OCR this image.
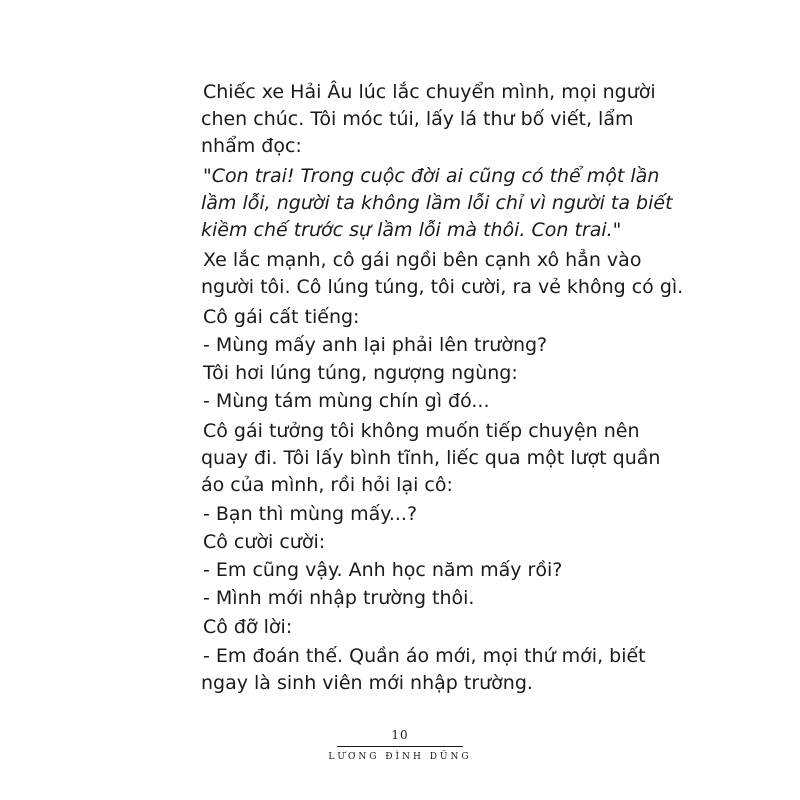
Chiếc xe Hải Âu lúc lắc chuyển mình, mọi người
chen chúc. Tôi móc túi, lấy lá thư bố viết, lẩm
nhẩm đọc:
"Con trai! Trong cuộc đời ai cũng có thể một lần
lầm lỗi, người ta không lầm lỗi chỉ vì người ta biết
kiềm chế trước sự lầm lỗi mà thôi. Con trai."
Xe lắc mạnh, cô gái ngồi bên cạnh xô hẳn vào
người tôi. Cô lúng túng, tôi cười, ra vẻ không có gì.
Cô gái cất tiếng:
- Mùng mấy anh lại phải lên trường?
Tôi hơi lúng túng, ngượng ngùng:
- Mùng tám mùng chín gì đó...
Cô gái tưởng tôi không muốn tiếp chuyện nên
quay đi. Tôi lấy bình tĩnh, liếc qua một lượt quần
áo của mình, rồi hỏi lại cô:
- Bạn thì mùng mấy...?
Cô cười cười:
- Em cũng vậy. Anh học năm mấy rồi?
- Mình mới nhập trường thôi.
Cô đỡ lời:
- Em đoán thế. Quần áo mới, mọi thứ mới, biết
ngay là sinh viên mới nhập trường.
10
LƯƠNG ĐÌNH DŨNG
